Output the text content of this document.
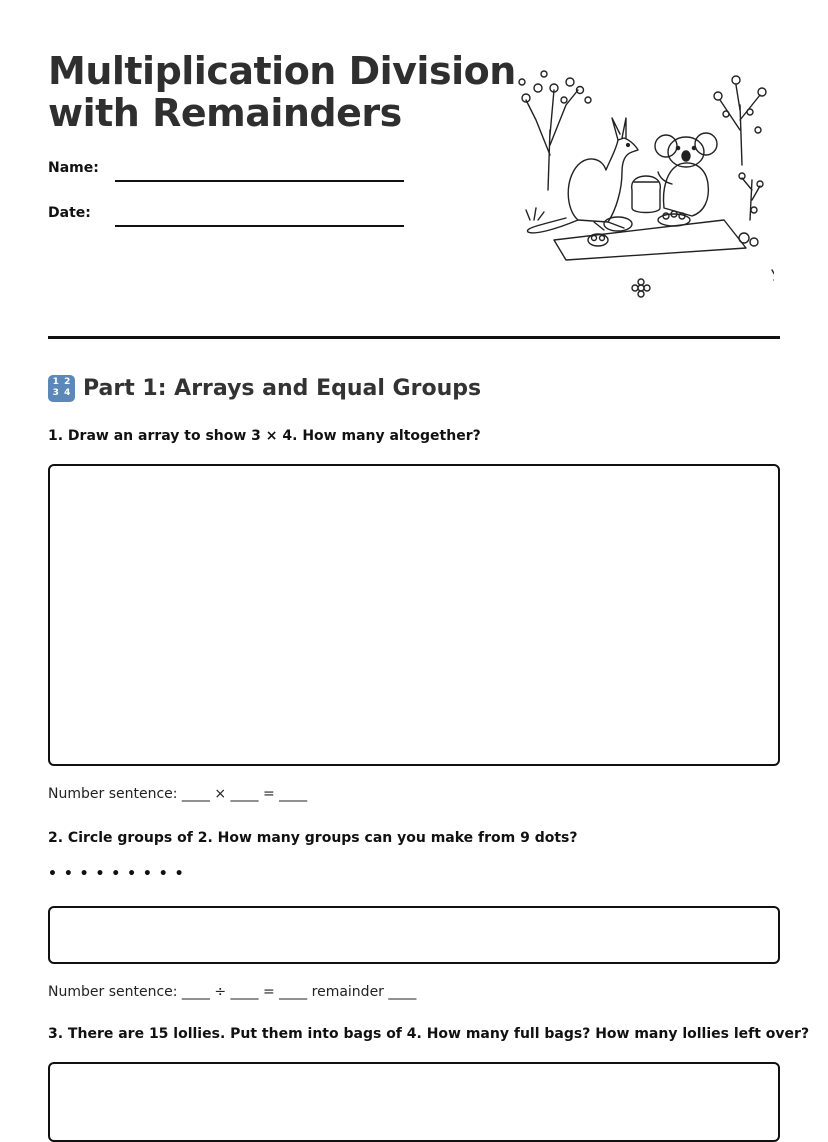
Multiplication Division
with Remainders
Name:
Date:
1 2
3 4 Part 1: Arrays and Equal Groups

1. Draw an array to show 3 × 4. How many altogether?

Number sentence: ____ × ____ = ____

2. Circle groups of 2. How many groups can you make from 9 dots?

• • • • • • • • •

Number sentence: ____ ÷ ____ = ____ remainder ____

3. There are 15 lollies. Put them into bags of 4. How many full bags? How many lollies left over?
